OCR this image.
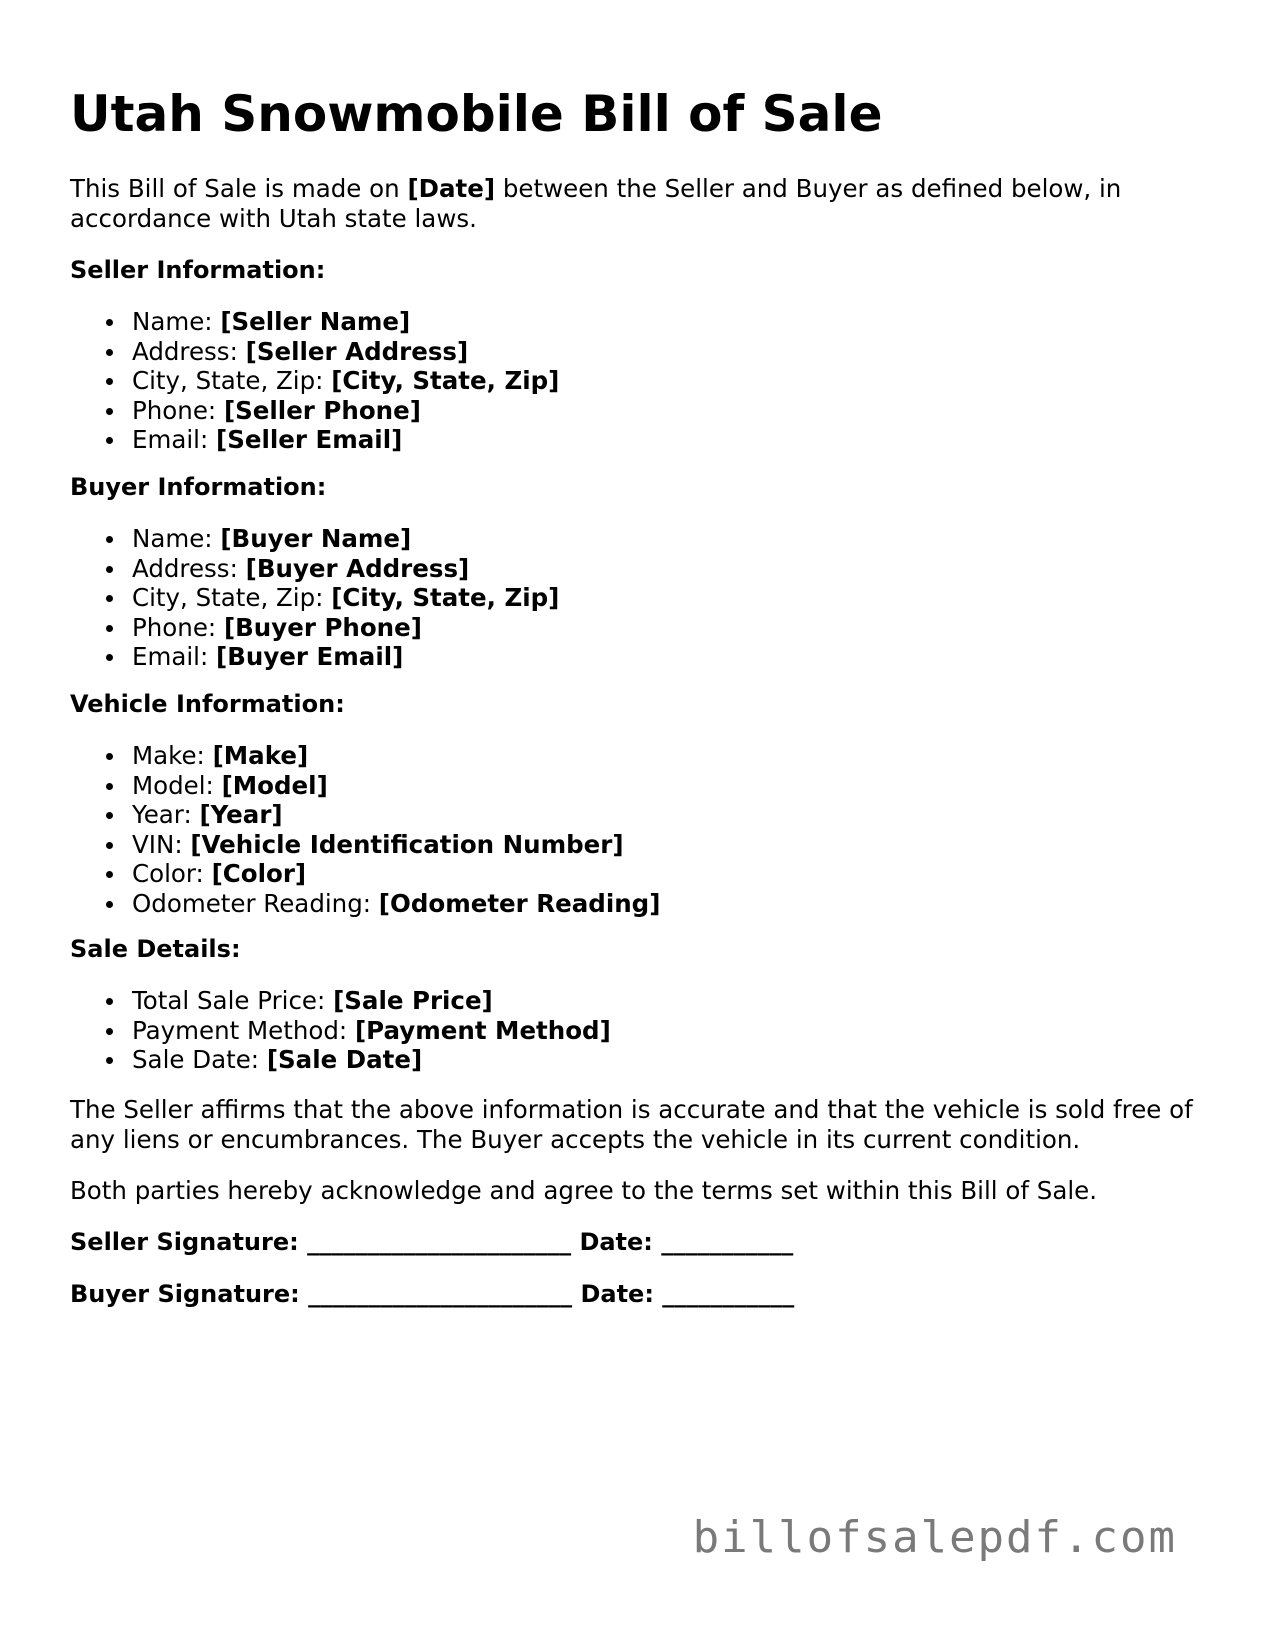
Utah Snowmobile Bill of Sale

This Bill of Sale is made on [Date] between the Seller and Buyer as defined below, in accordance with Utah state laws.

Seller Information:
Name: [Seller Name]
Address: [Seller Address]
City, State, Zip: [City, State, Zip]
Phone: [Seller Phone]
Email: [Seller Email]
Buyer Information:
Name: [Buyer Name]
Address: [Buyer Address]
City, State, Zip: [City, State, Zip]
Phone: [Buyer Phone]
Email: [Buyer Email]
Vehicle Information:
Make: [Make]
Model: [Model]
Year: [Year]
VIN: [Vehicle Identification Number]
Color: [Color]
Odometer Reading: [Odometer Reading]
Sale Details:
Total Sale Price: [Sale Price]
Payment Method: [Payment Method]
Sale Date: [Sale Date]

The Seller affirms that the above information is accurate and that the vehicle is sold free of any liens or encumbrances. The Buyer accepts the vehicle in its current condition.

Both parties hereby acknowledge and agree to the terms set within this Bill of Sale.

Seller Signature: ______________________ Date: ___________

Buyer Signature: ______________________ Date: ___________

billofsalepdf.com
